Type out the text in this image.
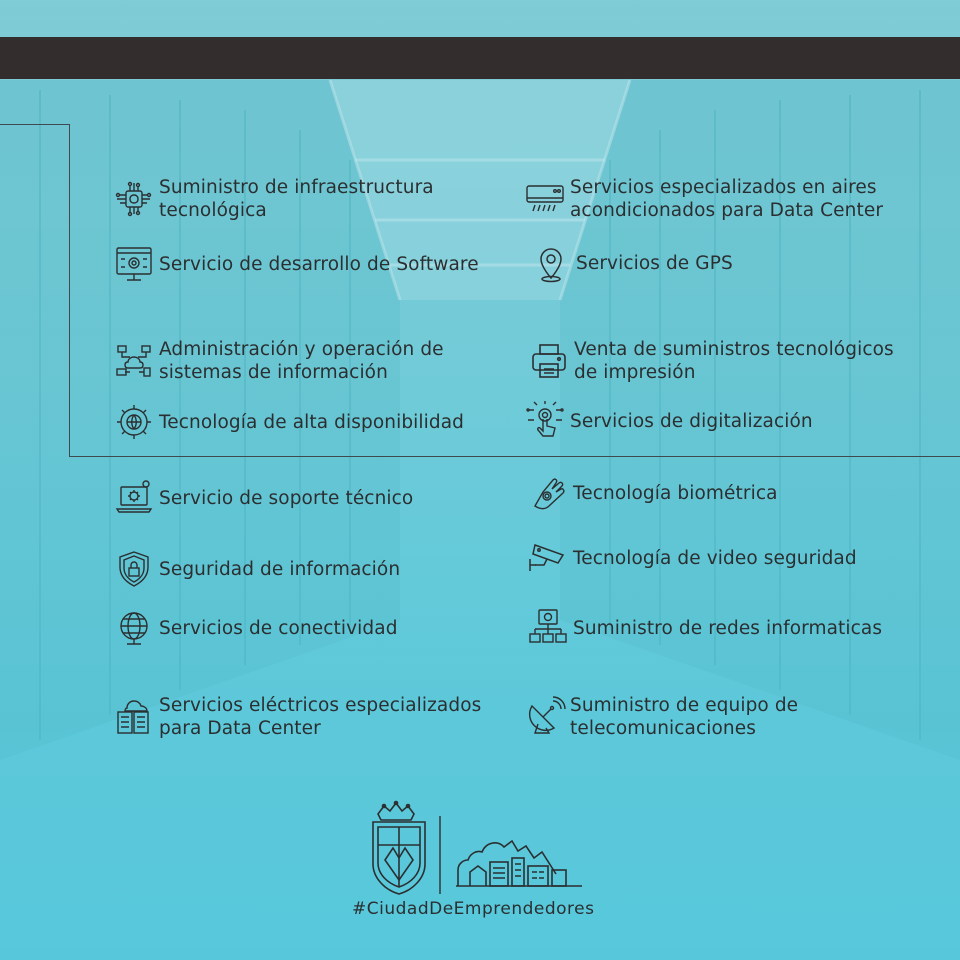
Suministro de infraestructura
tecnológica
Servicio de desarrollo de Software
Administración y operación de
sistemas de información
Tecnología de alta disponibilidad
Servicio de soporte técnico
Seguridad de información
Servicios de conectividad
Servicios eléctricos especializados
para Data Center
Servicios especializados en aires
acondicionados para Data Center
Servicios de GPS
Venta de suministros tecnológicos
de impresión
Servicios de digitalización
Tecnología biométrica
Tecnología de video seguridad
Suministro de redes informaticas
Suministro de equipo de
telecomunicaciones
#CiudadDeEmprendedores
